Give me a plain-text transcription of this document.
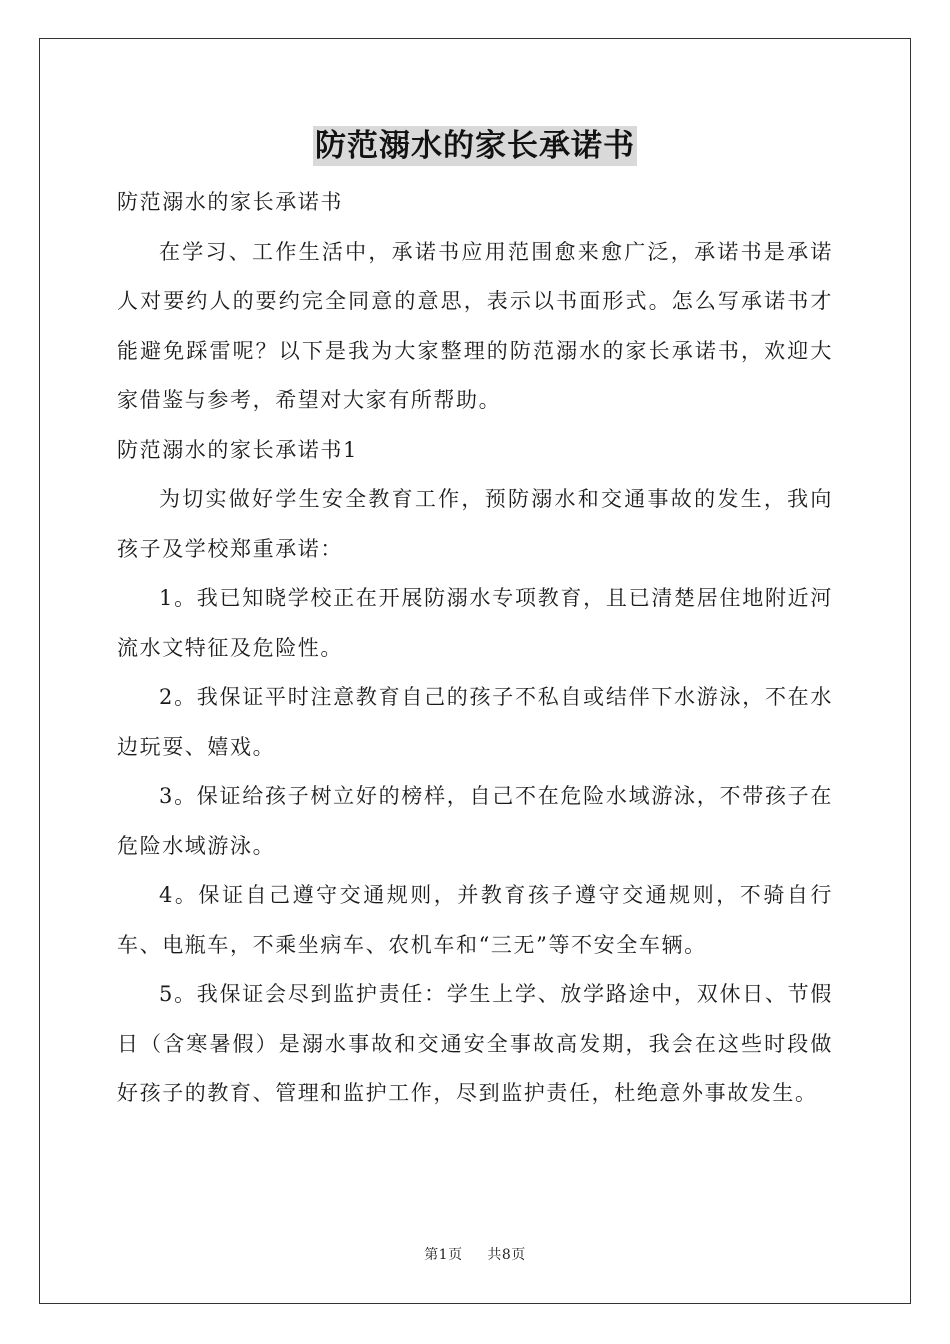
防范溺水的家长承诺书

防范溺水的家长承诺书

在学习、工作生活中，承诺书应用范围愈来愈广泛，承诺书是承诺人对要约人的要约完全同意的意思，表示以书面形式。怎么写承诺书才能避免踩雷呢？以下是我为大家整理的防范溺水的家长承诺书，欢迎大家借鉴与参考，希望对大家有所帮助。

防范溺水的家长承诺书1

为切实做好学生安全教育工作，预防溺水和交通事故的发生，我向孩子及学校郑重承诺：

1。我已知晓学校正在开展防溺水专项教育，且已清楚居住地附近河流水文特征及危险性。

2。我保证平时注意教育自己的孩子不私自或结伴下水游泳，不在水边玩耍、嬉戏。

3。保证给孩子树立好的榜样，自己不在危险水域游泳，不带孩子在危险水域游泳。

4。保证自己遵守交通规则，并教育孩子遵守交通规则，不骑自行车、电瓶车，不乘坐病车、农机车和“三无”等不安全车辆。

5。我保证会尽到监护责任：学生上学、放学路途中，双休日、节假日（含寒暑假）是溺水事故和交通安全事故高发期，我会在这些时段做好孩子的教育、管理和监护工作，尽到监护责任，杜绝意外事故发生。

第1页 共8页
